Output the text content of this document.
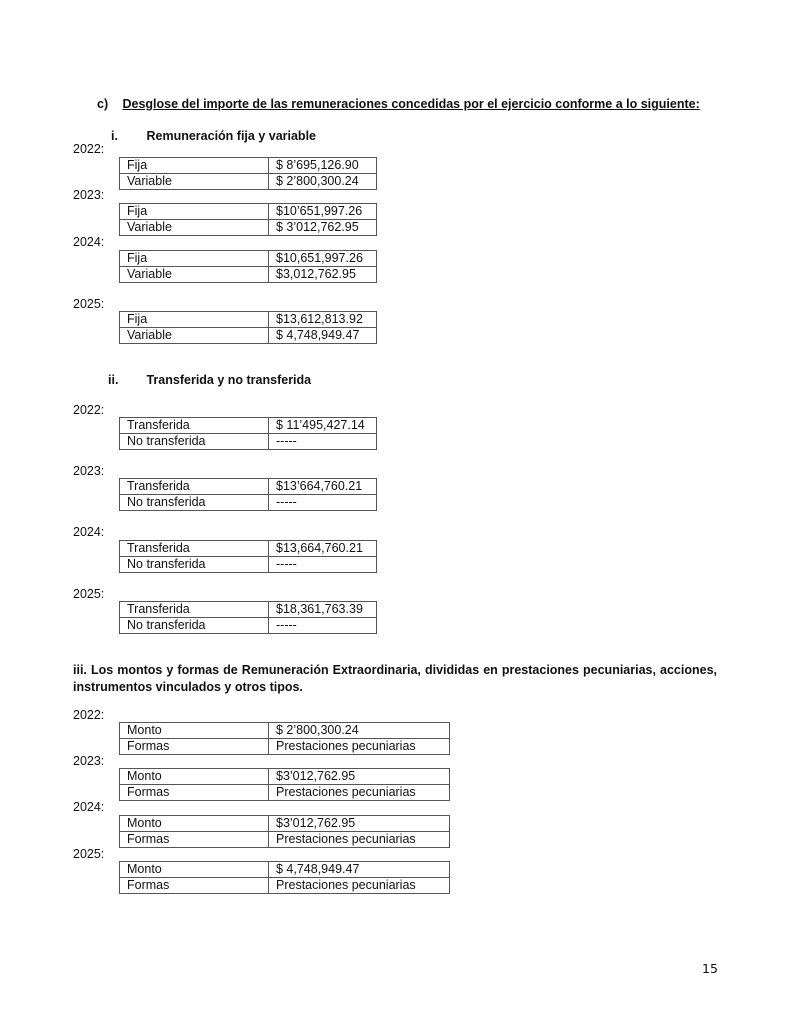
c) Desglose del importe de las remuneraciones concedidas por el ejercicio conforme a lo siguiente:
i. Remuneración fija y variable
2022:
Fija	$ 8’695,126.90
Variable	$ 2’800,300.24
2023:
Fija	$10’651,997.26
Variable	$ 3’012,762.95
2024:
Fija	$10,651,997.26
Variable	$3,012,762.95
2025:
Fija	$13,612,813.92
Variable	$ 4,748,949.47
ii. Transferida y no transferida
2022:
Transferida	$ 11’495,427.14
No transferida	-----
2023:
Transferida	$13’664,760.21
No transferida	-----
2024:
Transferida	$13,664,760.21
No transferida	-----
2025:
Transferida	$18,361,763.39
No transferida	-----
iii. Los montos y formas de Remuneración Extraordinaria, divididas en prestaciones pecuniarias, acciones, instrumentos vinculados y otros tipos.
2022:
Monto	$ 2’800,300.24
Formas	Prestaciones pecuniarias
2023:
Monto	$3’012,762.95
Formas	Prestaciones pecuniarias
2024:
Monto	$3’012,762.95
Formas	Prestaciones pecuniarias
2025:
Monto	$ 4,748,949.47
Formas	Prestaciones pecuniarias
15
